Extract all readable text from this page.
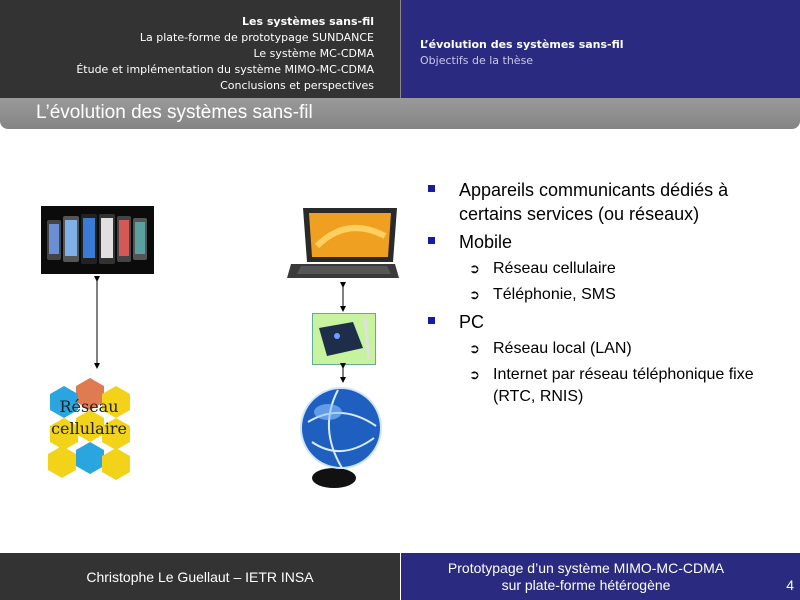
Les systèmes sans-fil
La plate-forme de prototypage SUNDANCE
Le système MC-CDMA
Étude et implémentation du système MIMO-MC-CDMA
Conclusions et perspectives
L’évolution des systèmes sans-fil
Objectifs de la thèse
L’évolution des systèmes sans-fil
Réseau cellulaire
Appareils communicants dédiés à certains services (ou réseaux)
Mobile
➲ Réseau cellulaire
➲ Téléphonie, SMS
PC
➲ Réseau local (LAN)
➲ Internet par réseau téléphonique fixe (RTC, RNIS)
Christophe Le Guellaut – IETR INSA
Prototypage d’un système MIMO-MC-CDMA
sur plate-forme hétérogène	4
